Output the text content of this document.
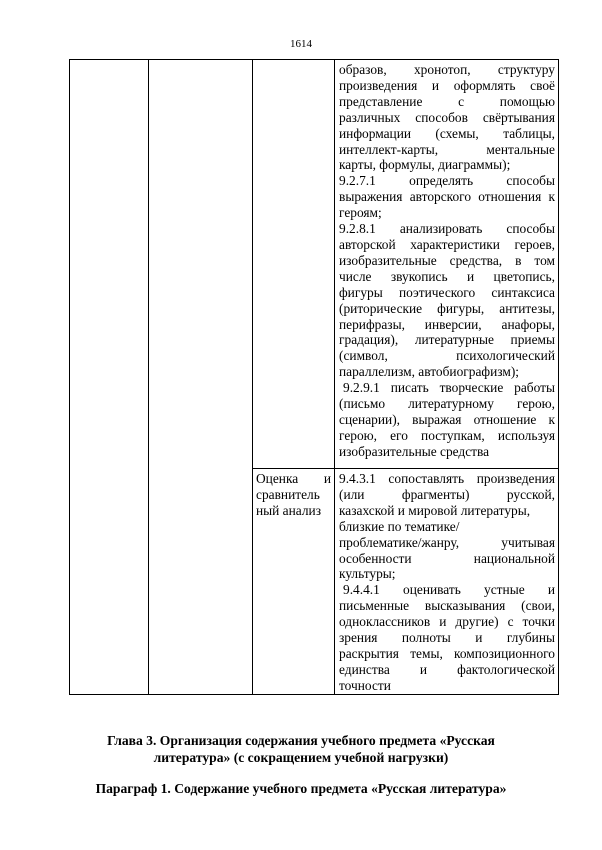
1614
образов, хронотоп, структуру
произведения и оформлять своё
представление с помощью
различных способов свёртывания
информации (схемы, таблицы,
интеллект-карты, ментальные
карты, формулы, диаграммы);
9.2.7.1 определять способы
выражения авторского отношения к
героям;
9.2.8.1 анализировать способы
авторской характеристики героев,
изобразительные средства, в том
числе звукопись и цветопись,
фигуры поэтического синтаксиса
(риторические фигуры, антитезы,
перифразы, инверсии, анафоры,
градация), литературные приемы
(символ, психологический
параллелизм, автобиографизм);
9.2.9.1 писать творческие работы
(письмо литературному герою,
сценарии), выражая отношение к
герою, его поступкам, используя
изобразительные средства
Оценка и
сравнитель
ный анализ
9.4.3.1 сопоставлять произведения
(или фрагменты) русской,
казахской и мировой литературы,
близкие по тематике/
проблематике/жанру, учитывая
особенности национальной
культуры;
9.4.4.1 оценивать устные и
письменные высказывания (свои,
одноклассников и другие) с точки
зрения полноты и глубины
раскрытия темы, композиционного
единства и фактологической
точности
Глава 3. Организация содержания учебного предмета «Русская
литература» (с сокращением учебной нагрузки)
Параграф 1. Содержание учебного предмета «Русская литература»
